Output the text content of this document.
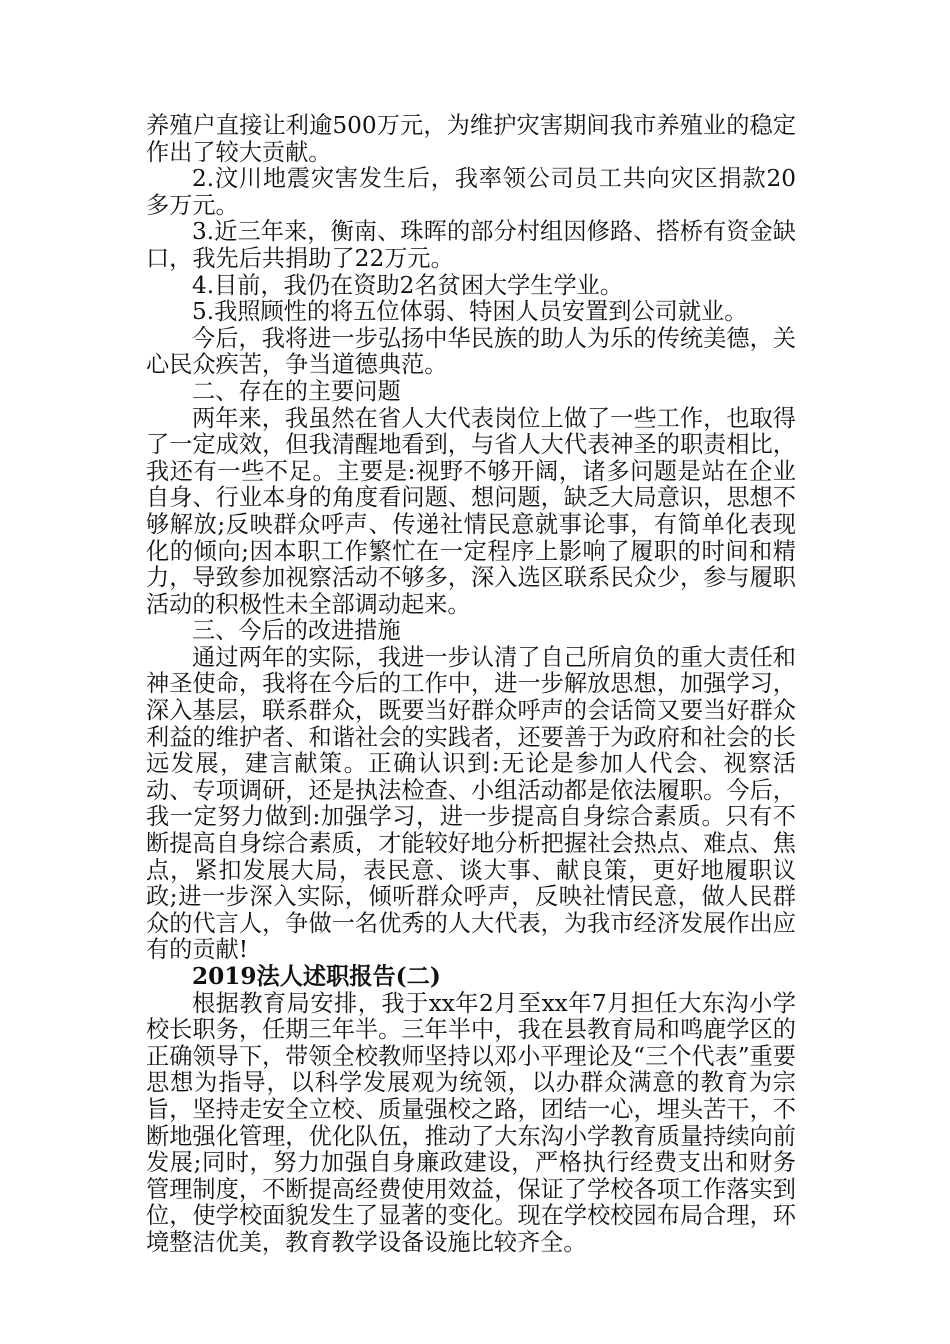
养殖户直接让利逾500万元，为维护灾害期间我市养殖业的稳定作出了较大贡献。

2.汶川地震灾害发生后，我率领公司员工共向灾区捐款20多万元。

3.近三年来，衡南、珠晖的部分村组因修路、搭桥有资金缺口，我先后共捐助了22万元。

4.目前，我仍在资助2名贫困大学生学业。

5.我照顾性的将五位体弱、特困人员安置到公司就业。

今后，我将进一步弘扬中华民族的助人为乐的传统美德，关心民众疾苦，争当道德典范。

二、存在的主要问题

两年来，我虽然在省人大代表岗位上做了一些工作，也取得了一定成效，但我清醒地看到，与省人大代表神圣的职责相比，我还有一些不足。主要是:视野不够开阔，诸多问题是站在企业自身、行业本身的角度看问题、想问题，缺乏大局意识，思想不够解放;反映群众呼声、传递社情民意就事论事，有简单化表现化的倾向;因本职工作繁忙在一定程序上影响了履职的时间和精力，导致参加视察活动不够多，深入选区联系民众少，参与履职活动的积极性未全部调动起来。

三、今后的改进措施

通过两年的实际，我进一步认清了自己所肩负的重大责任和神圣使命，我将在今后的工作中，进一步解放思想，加强学习，深入基层，联系群众，既要当好群众呼声的会话筒又要当好群众利益的维护者、和谐社会的实践者，还要善于为政府和社会的长远发展，建言献策。正确认识到:无论是参加人代会、视察活动、专项调研，还是执法检查、小组活动都是依法履职。今后，我一定努力做到:加强学习，进一步提高自身综合素质。只有不断提高自身综合素质，才能较好地分析把握社会热点、难点、焦点，紧扣发展大局，表民意、谈大事、献良策，更好地履职议政;进一步深入实际，倾听群众呼声，反映社情民意，做人民群众的代言人，争做一名优秀的人大代表，为我市经济发展作出应有的贡献!

2019法人述职报告(二)

根据教育局安排，我于xx年2月至xx年7月担任大东沟小学校长职务，任期三年半。三年半中，我在县教育局和鸣鹿学区的正确领导下，带领全校教师坚持以邓小平理论及“三个代表”重要思想为指导，以科学发展观为统领，以办群众满意的教育为宗旨，坚持走安全立校、质量强校之路，团结一心，埋头苦干，不断地强化管理，优化队伍，推动了大东沟小学教育质量持续向前发展;同时，努力加强自身廉政建设，严格执行经费支出和财务管理制度，不断提高经费使用效益，保证了学校各项工作落实到位，使学校面貌发生了显著的变化。现在学校校园布局合理，环境整洁优美，教育教学设备设施比较齐全。
